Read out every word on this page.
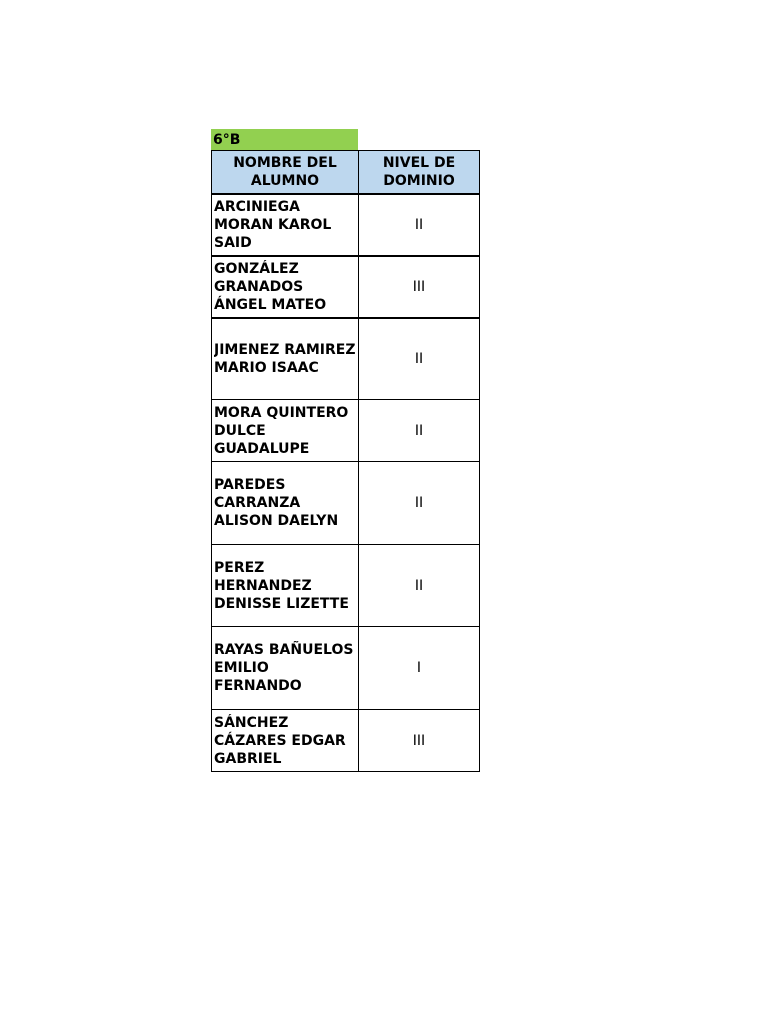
6°B
NOMBRE DEL ALUMNO	NIVEL DE DOMINIO

ARCINIEGA MORAN KAROL SAID	II

GONZÁLEZ GRANADOS ÁNGEL MATEO	III

JIMENEZ RAMIREZ MARIO ISAAC	II

MORA QUINTERO DULCE GUADALUPE	II

PAREDES CARRANZA ALISON DAELYN	II

PEREZ HERNANDEZ DENISSE LIZETTE	II

RAYAS BAÑUELOS EMILIO FERNANDO	I

SÁNCHEZ CÁZARES EDGAR GABRIEL	III
